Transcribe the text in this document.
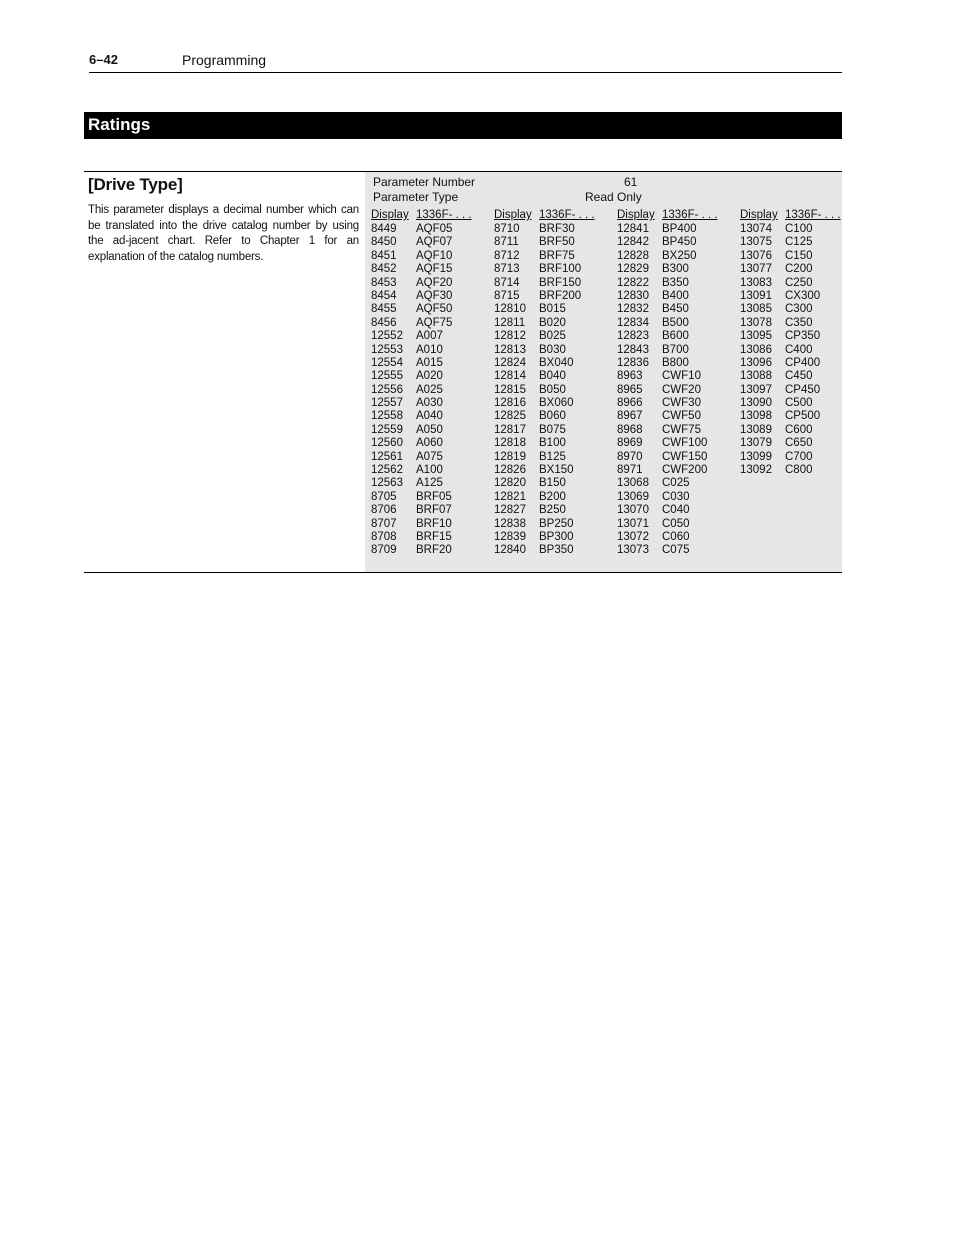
6–42	Programming
Ratings
[Drive Type]
This parameter displays a decimal number which can be translated into the drive catalog number by using the ad-jacent chart. Refer to Chapter 1 for an explanation of the catalog numbers.
Parameter Number	61
Parameter Type	Read Only
Display 1336F- . . .
8449 AQF05
8450 AQF07
8451 AQF10
8452 AQF15
8453 AQF20
8454 AQF30
8455 AQF50
8456 AQF75
12552 A007
12553 A010
12554 A015
12555 A020
12556 A025
12557 A030
12558 A040
12559 A050
12560 A060
12561 A075
12562 A100
12563 A125
8705 BRF05
8706 BRF07
8707 BRF10
8708 BRF15
8709 BRF20
Display 1336F- . . .
8710 BRF30
8711 BRF50
8712 BRF75
8713 BRF100
8714 BRF150
8715 BRF200
12810 B015
12811 B020
12812 B025
12813 B030
12824 BX040
12814 B040
12815 B050
12816 BX060
12825 B060
12817 B075
12818 B100
12819 B125
12826 BX150
12820 B150
12821 B200
12827 B250
12838 BP250
12839 BP300
12840 BP350
Display 1336F- . . .
12841 BP400
12842 BP450
12828 BX250
12829 B300
12822 B350
12830 B400
12832 B450
12834 B500
12823 B600
12843 B700
12836 B800
8963 CWF10
8965 CWF20
8966 CWF30
8967 CWF50
8968 CWF75
8969 CWF100
8970 CWF150
8971 CWF200
13068 C025
13069 C030
13070 C040
13071 C050
13072 C060
13073 C075
Display 1336F- . . .
13074 C100
13075 C125
13076 C150
13077 C200
13083 C250
13091 CX300
13085 C300
13078 C350
13095 CP350
13086 C400
13096 CP400
13088 C450
13097 CP450
13090 C500
13098 CP500
13089 C600
13079 C650
13099 C700
13092 C800
